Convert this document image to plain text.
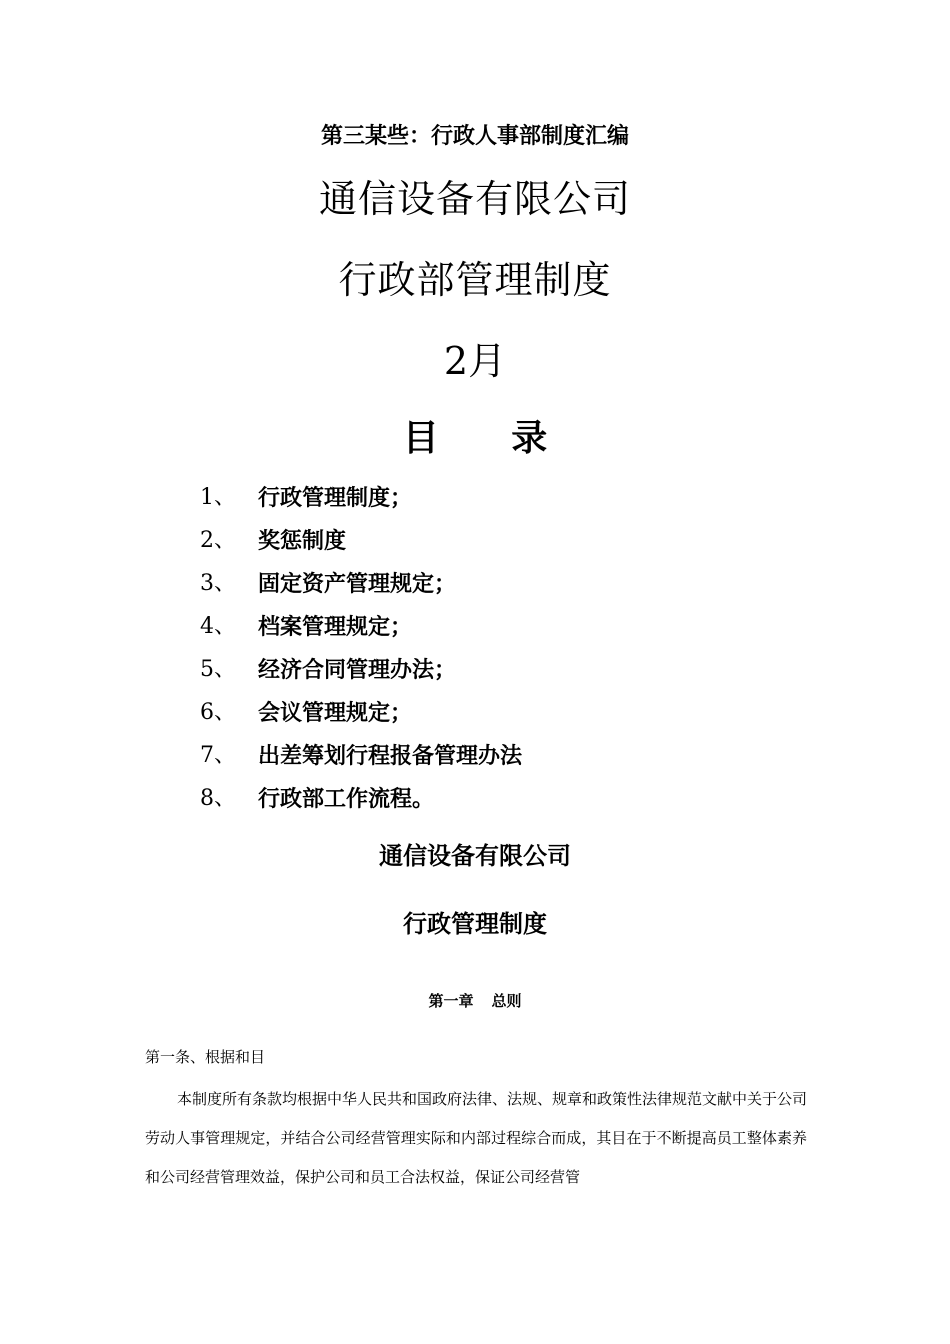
第三某些：行政人事部制度汇编
通信设备有限公司
行政部管理制度
2月
目 录
1、	行政管理制度；
2、	奖惩制度
3、	固定资产管理规定；
4、	档案管理规定；
5、	经济合同管理办法；
6、	会议管理规定；
7、	出差筹划行程报备管理办法
8、	行政部工作流程。
通信设备有限公司
行政管理制度
第一章 总则
第一条、根据和目

本制度所有条款均根据中华人民共和国政府法律、法规、规章和政策性法律规范文献中关于公司劳动人事管理规定，并结合公司经营管理实际和内部过程综合而成，其目在于不断提高员工整体素养和公司经营管理效益，保护公司和员工合法权益，保证公司经营管
